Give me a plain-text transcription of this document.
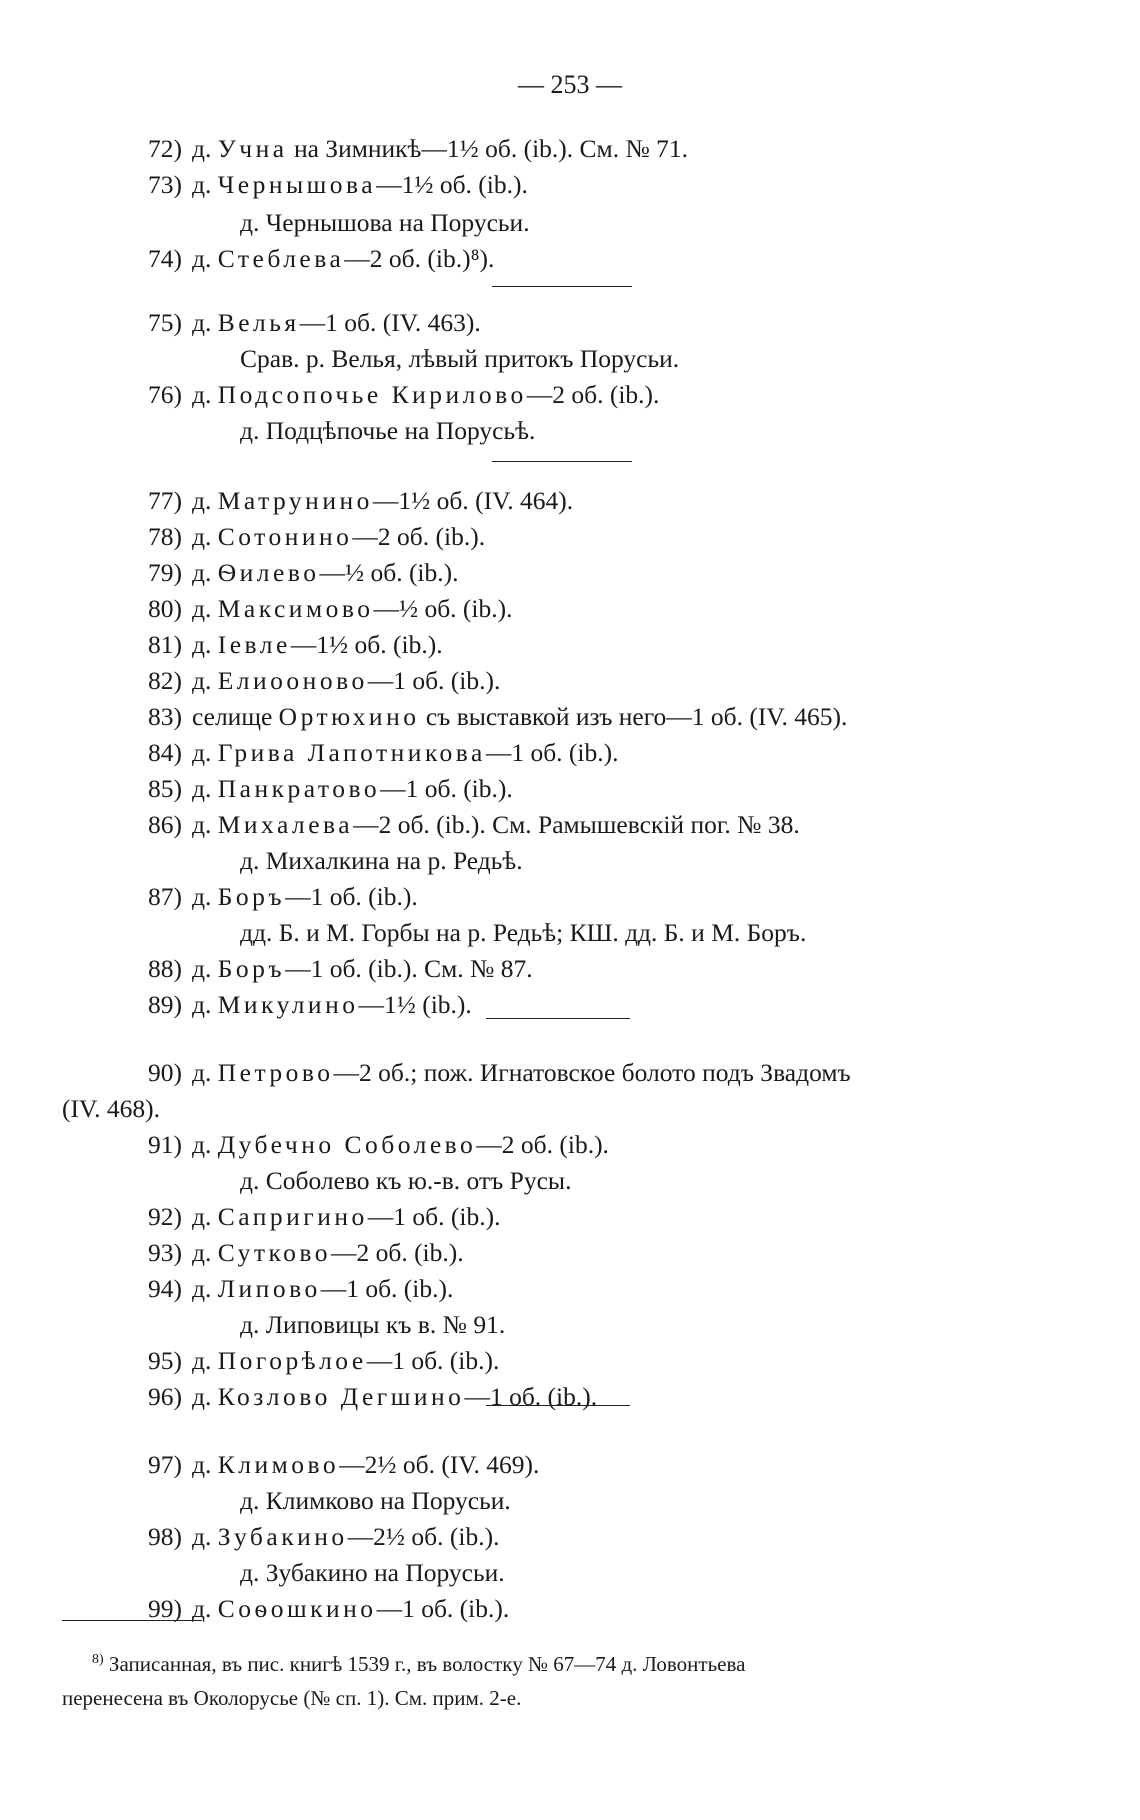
— 253 —
72) д. Учна на Зимникѣ—1½ об. (ib.). См. № 71.
73) д. Чернышова—1½ об. (ib.).
д. Чернышова на Порусьи.
74) д. Стеблева—2 об. (ib.)⁸).
75) д. Велья—1 об. (IV. 463).
Срав. р. Велья, лѣвый притокъ Порусьи.
76) д. Подсопочье Кирилово—2 об. (ib.).
д. Подцѣпочье на Порусьѣ.
77) д. Матрунино—1½ об. (IV. 464).
78) д. Сотонино—2 об. (ib.).
79) д. Ѳилево—½ об. (ib.).
80) д. Максимово—½ об. (ib.).
81) д. Іевле—1½ об. (ib.).
82) д. Елиоонoво—1 об. (ib.).
83) селище Ортюхино съ выставкой изъ него—1 об. (IV. 465).
84) д. Грива Лапотникова—1 об. (ib.).
85) д. Панкратово—1 об. (ib.).
86) д. Михалева—2 об. (ib.). См. Рамышевскій пог. № 38.
д. Михалкина на р. Редьѣ.
87) д. Боръ—1 об. (ib.).
дд. Б. и М. Горбы на р. Редьѣ; КШ. дд. Б. и М. Боръ.
88) д. Боръ—1 об. (ib.). См. № 87.
89) д. Микулино—1½ (ib.).
90) д. Петрово—2 об.; пож. Игнатовское болото подъ Звадомъ
(IV. 468).
91) д. Дубечно Соболево—2 об. (ib.).
д. Соболево къ ю.-в. отъ Русы.
92) д. Сапригино—1 об. (ib.).
93) д. Сутково—2 об. (ib.).
94) д. Липово—1 об. (ib.).
д. Липовицы къ в. № 91.
95) д. Погорѣлое—1 об. (ib.).
96) д. Козлово Дегшино—1 об. (ib.).
97) д. Климово—2½ об. (IV. 469).
д. Климково на Порусьи.
98) д. Зубакино—2½ об. (ib.).
д. Зубакино на Порусьи.
99) д. Соѳошкино—1 об. (ib.).
$^{8)}$ Записанная, въ пис. книгѣ 1539 г., въ волостку № 67—74 д. Ловонтьева
перенесена въ Околорусье (№ сп. 1). См. прим. 2-е.
